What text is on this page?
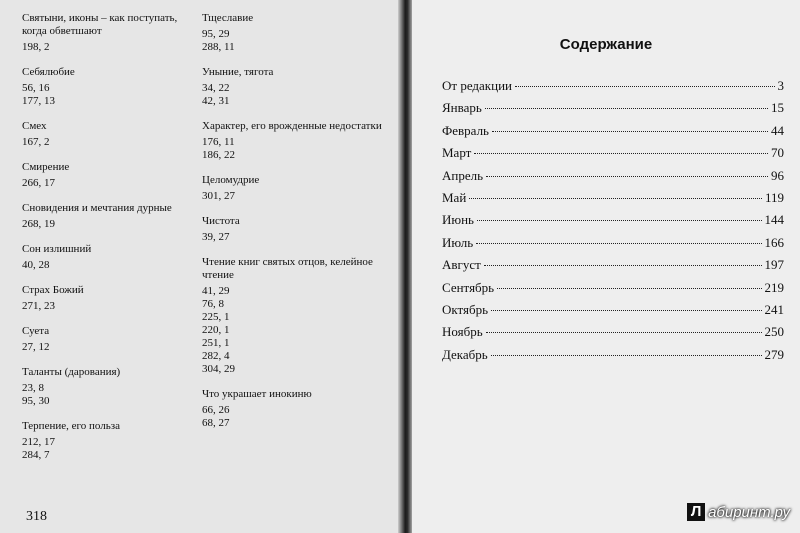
Святыни, иконы – как поступать, когда обветшают
198, 2
Себялюбие
56, 16
177, 13
Смех
167, 2
Смирение
266, 17
Сновидения и мечтания дурные
268, 19
Сон излишний
40, 28
Страх Божий
271, 23
Суета
27, 12
Таланты (дарования)
23, 8
95, 30
Терпение, его польза
212, 17
284, 7
Тщеславие
95, 29
288, 11
Уныние, тягота
34, 22
42, 31
Характер, его врожденные недостатки
176, 11
186, 22
Целомудрие
301, 27
Чистота
39, 27
Чтение книг святых отцов, келейное чтение
41, 29
76, 8
225, 1
220, 1
251, 1
282, 4
304, 29
Что украшает инокиню
66, 26
68, 27
318
Содержание
От редакции	3
Январь	15
Февраль	44
Март	70
Апрель	96
Май	119
Июнь	144
Июль	166
Август	197
Сентябрь	219
Октябрь	241
Ноябрь	250
Декабрь	279
Л абиринт.ру
